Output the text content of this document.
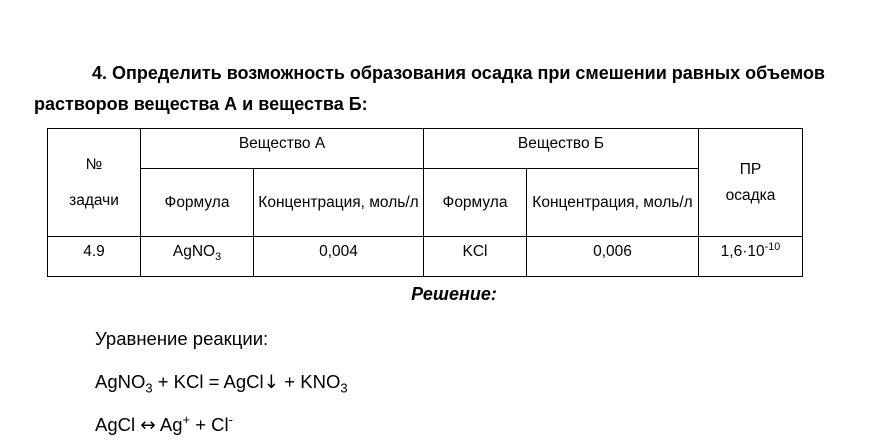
4. Определить возможность образования осадка при смешении равных объемов растворов вещества А и вещества Б:

№ задачи	Вещество А		Вещество Б		ПР осадка
	Формула	Концентрация, моль/л	Формула	Концентрация, моль/л	
4.9	AgNO$_3$	0,004	KCl	0,006	$1,6\cdot 10^{-10}$

Решение:

Уравнение реакции:

AgNO$_3$ + KCl = AgCl↓ + $KNO_3$

AgCl ↔ Ag+ + Cl-
